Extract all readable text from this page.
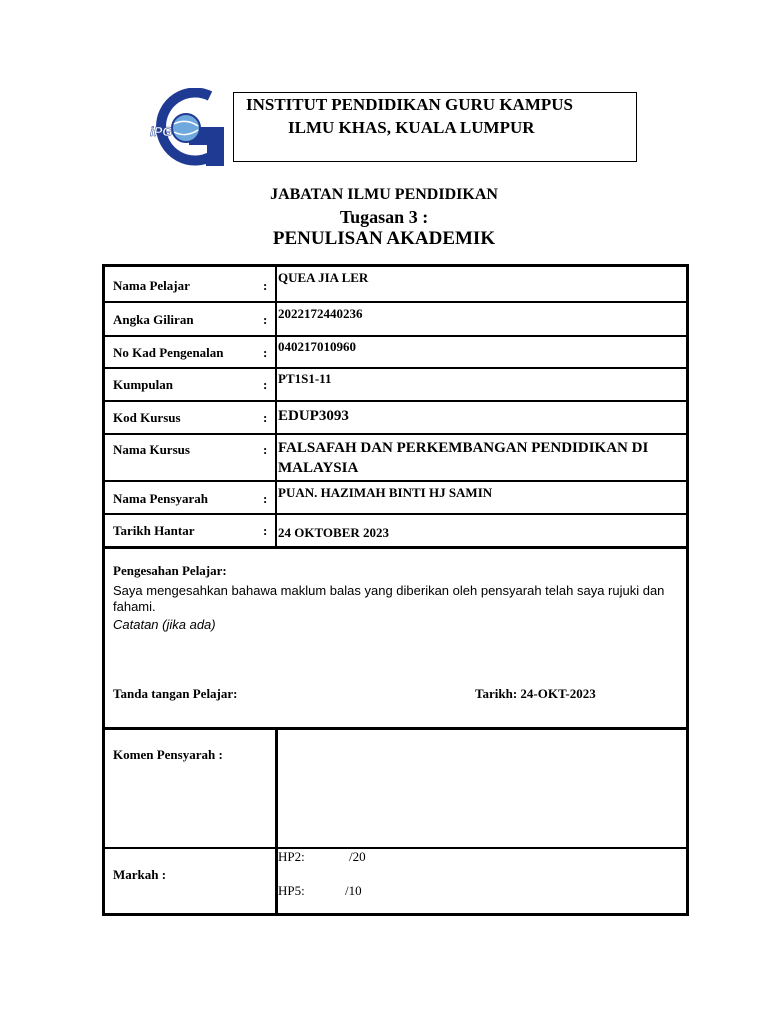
iPG
INSTITUT PENDIDIKAN GURU KAMPUS
ILMU KHAS, KUALA LUMPUR
JABATAN ILMU PENDIDIKAN
Tugasan 3 :
PENULISAN AKADEMIK
Nama Pelajar	:
QUEA JIA LER
Angka Giliran	: 2022172440236
No Kad Pengenalan	: 040217010960
Kumpulan	: PT1S1-11
Kod Kursus	: EDUP3093
Nama Kursus	: FALSAFAH DAN PERKEMBANGAN PENDIDIKAN DI MALAYSIA
Nama Pensyarah	: PUAN. HAZIMAH BINTI HJ SAMIN
Tarikh Hantar	: 24 OKTOBER 2023
Pengesahan Pelajar:
Saya mengesahkan bahawa maklum balas yang diberikan oleh pensyarah telah saya rujuki dan fahami.
Catatan (jika ada)
Tanda tangan Pelajar:	Tarikh: 24-OKT-2023
Komen Pensyarah :
Markah :
HP2:	/20
HP5:	/10
